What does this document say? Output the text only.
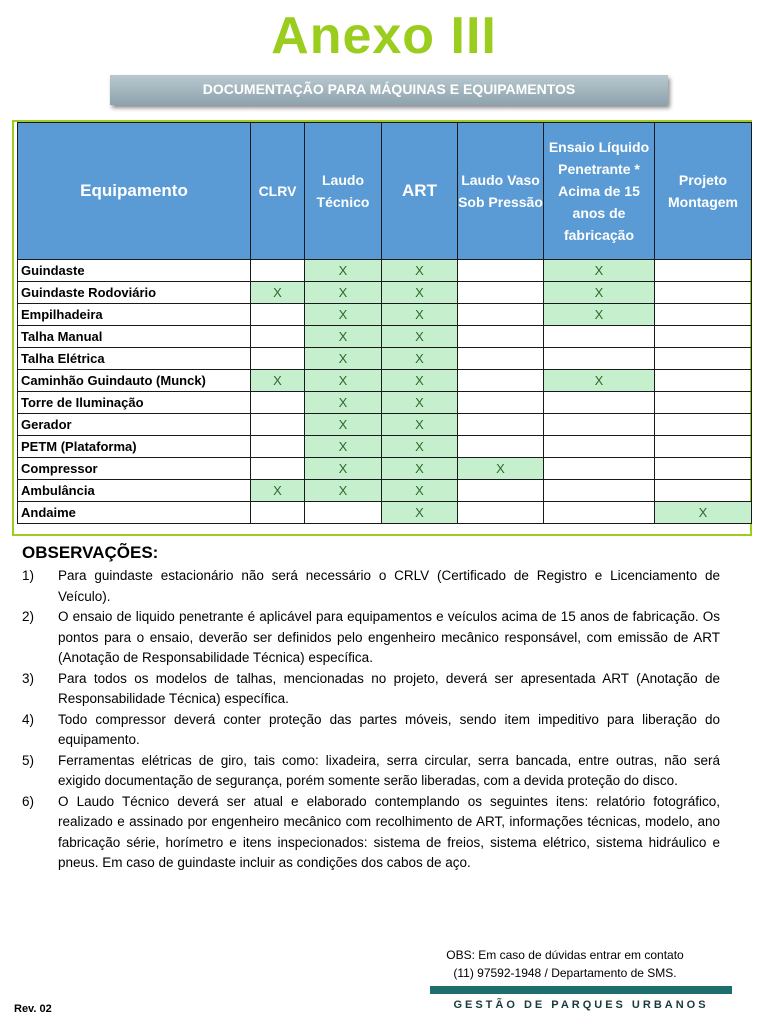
Anexo III
DOCUMENTAÇÃO PARA MÁQUINAS E EQUIPAMENTOS
Equipamento	CLRV	Laudo Técnico	ART	Laudo Vaso Sob Pressão	Ensaio Líquido Penetrante * Acima de 15 anos de fabricação	Projeto Montagem
Guindaste		X	X		X	
Guindaste Rodoviário	X	X	X		X	
Empilhadeira		X	X		X	
Talha Manual		X	X			
Talha Elétrica		X	X			
Caminhão Guindauto (Munck)	X	X	X		X	
Torre de Iluminação		X	X			
Gerador		X	X			
PETM (Plataforma)		X	X			
Compressor		X	X	X		
Ambulância	X	X	X			
Andaime			X			X
OBSERVAÇÕES:
1) Para guindaste estacionário não será necessário o CRLV (Certificado de Registro e Licenciamento de Veículo).
2) O ensaio de liquido penetrante é aplicável para equipamentos e veículos acima de 15 anos de fabricação. Os pontos para o ensaio, deverão ser definidos pelo engenheiro mecânico responsável, com emissão de ART (Anotação de Responsabilidade Técnica) específica.
3) Para todos os modelos de talhas, mencionadas no projeto, deverá ser apresentada ART (Anotação de Responsabilidade Técnica) específica.
4) Todo compressor deverá conter proteção das partes móveis, sendo item impeditivo para liberação do equipamento.
5) Ferramentas elétricas de giro, tais como: lixadeira, serra circular, serra bancada, entre outras, não será exigido documentação de segurança, porém somente serão liberadas, com a devida proteção do disco.
6) O Laudo Técnico deverá ser atual e elaborado contemplando os seguintes itens: relatório fotográfico, realizado e assinado por engenheiro mecânico com recolhimento de ART, informações técnicas, modelo, ano fabricação série, horímetro e itens inspecionados: sistema de freios, sistema elétrico, sistema hidráulico e pneus. Em caso de guindaste incluir as condições dos cabos de aço.
OBS: Em caso de dúvidas entrar em contato
(11) 97592-1948 / Departamento de SMS.
GESTÃO DE PARQUES URBANOS
Rev. 02
